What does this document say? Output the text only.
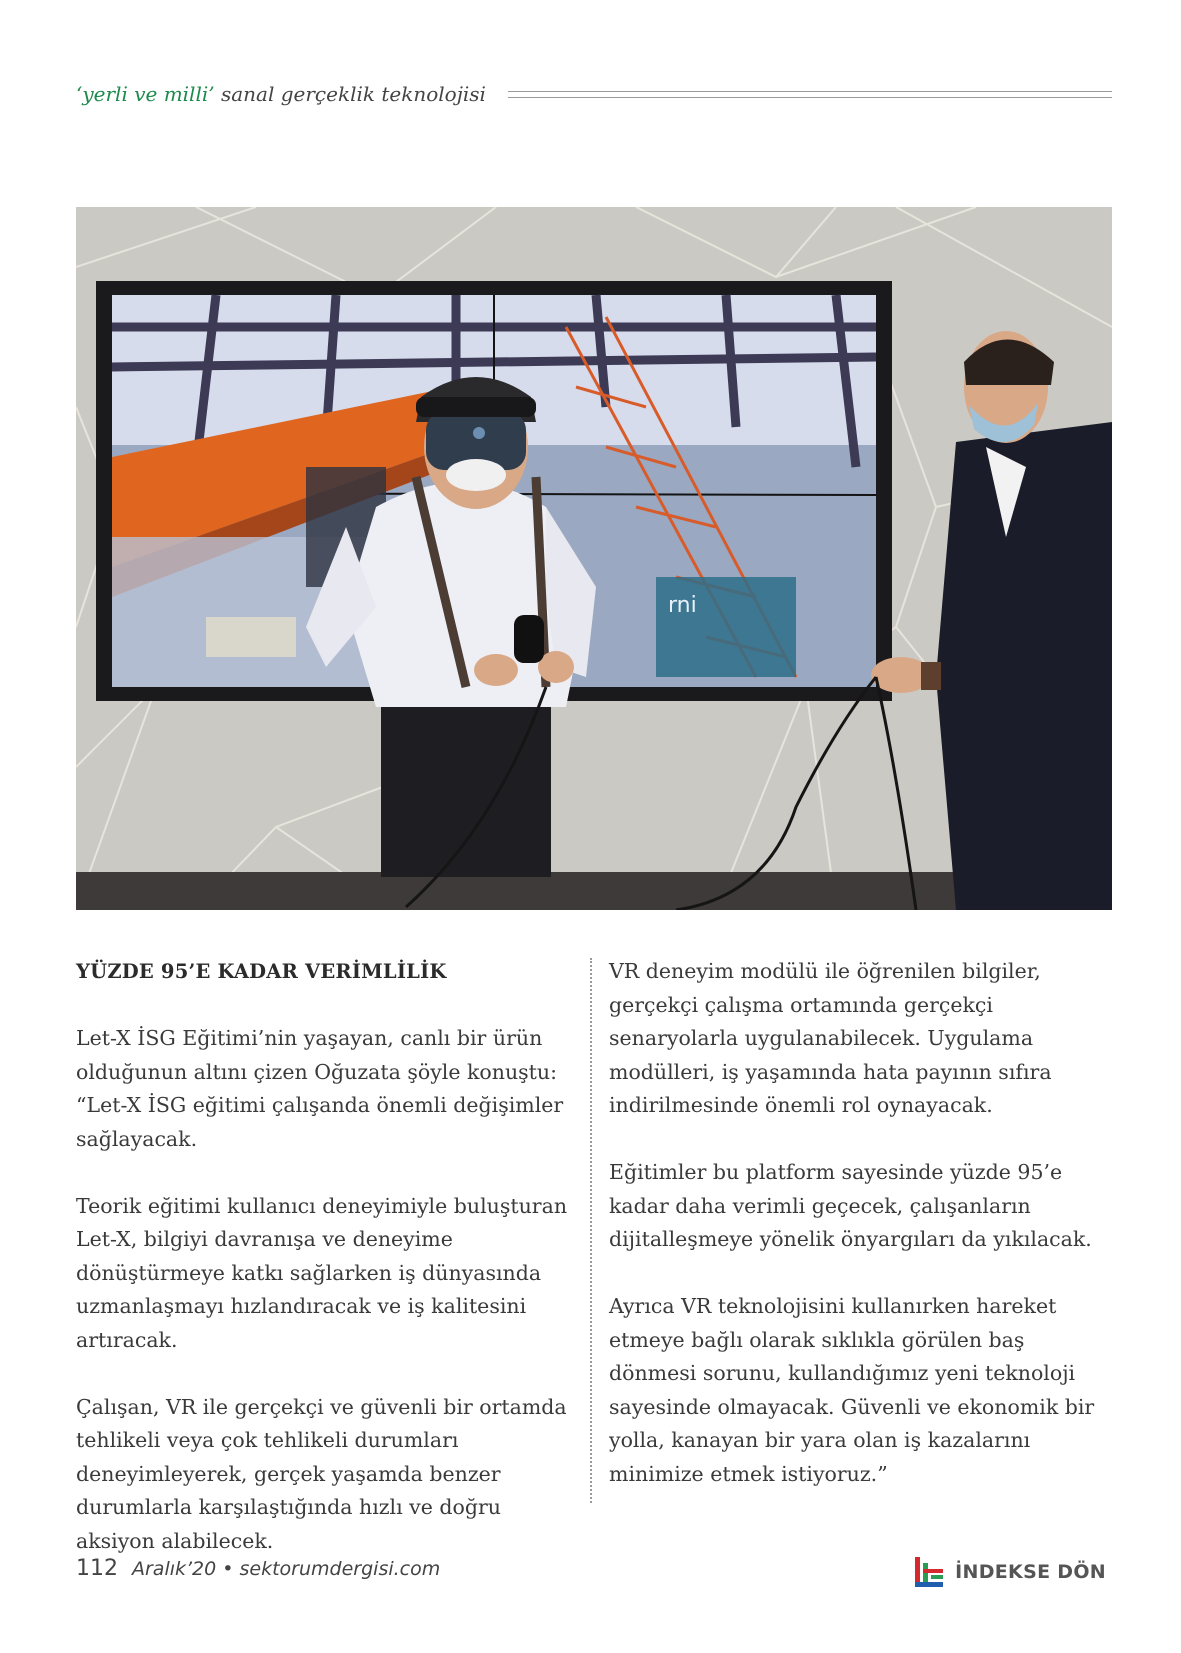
‘yerli ve milli’ sanal gerçeklik teknolojisi
rni
YÜZDE 95’E KADAR VERİMLİLİK

Let-X İSG Eğitimi’nin yaşayan, canlı bir ürün olduğunun altını çizen Oğuzata şöyle konuştu: “Let-X İSG eğitimi çalışanda önemli değişimler sağlayacak.

Teorik eğitimi kullanıcı deneyimiyle buluşturan Let-X, bilgiyi davranışa ve deneyime dönüştürmeye katkı sağlarken iş dünyasında uzmanlaşmayı hızlandıracak ve iş kalitesini artıracak.

Çalışan, VR ile gerçekçi ve güvenli bir ortamda tehlikeli veya çok tehlikeli durumları deneyimleyerek, gerçek yaşamda benzer durumlarla karşılaştığında hızlı ve doğru aksiyon alabilecek.

VR deneyim modülü ile öğrenilen bilgiler, gerçekçi çalışma ortamında gerçekçi senaryolarla uygulanabilecek. Uygulama modülleri, iş yaşamında hata payının sıfıra indirilmesinde önemli rol oynayacak.

Eğitimler bu platform sayesinde yüzde 95’e kadar daha verimli geçecek, çalışanların dijitalleşmeye yönelik önyargıları da yıkılacak.

Ayrıca VR teknolojisini kullanırken hareket etmeye bağlı olarak sıklıkla görülen baş dönmesi sorunu, kullandığımız yeni teknoloji sayesinde olmayacak. Güvenli ve ekonomik bir yolla, kanayan bir yara olan iş kazalarını minimize etmek istiyoruz.”

112 Aralık’20 • sektorumdergisi.com	İNDEKSE DÖN
